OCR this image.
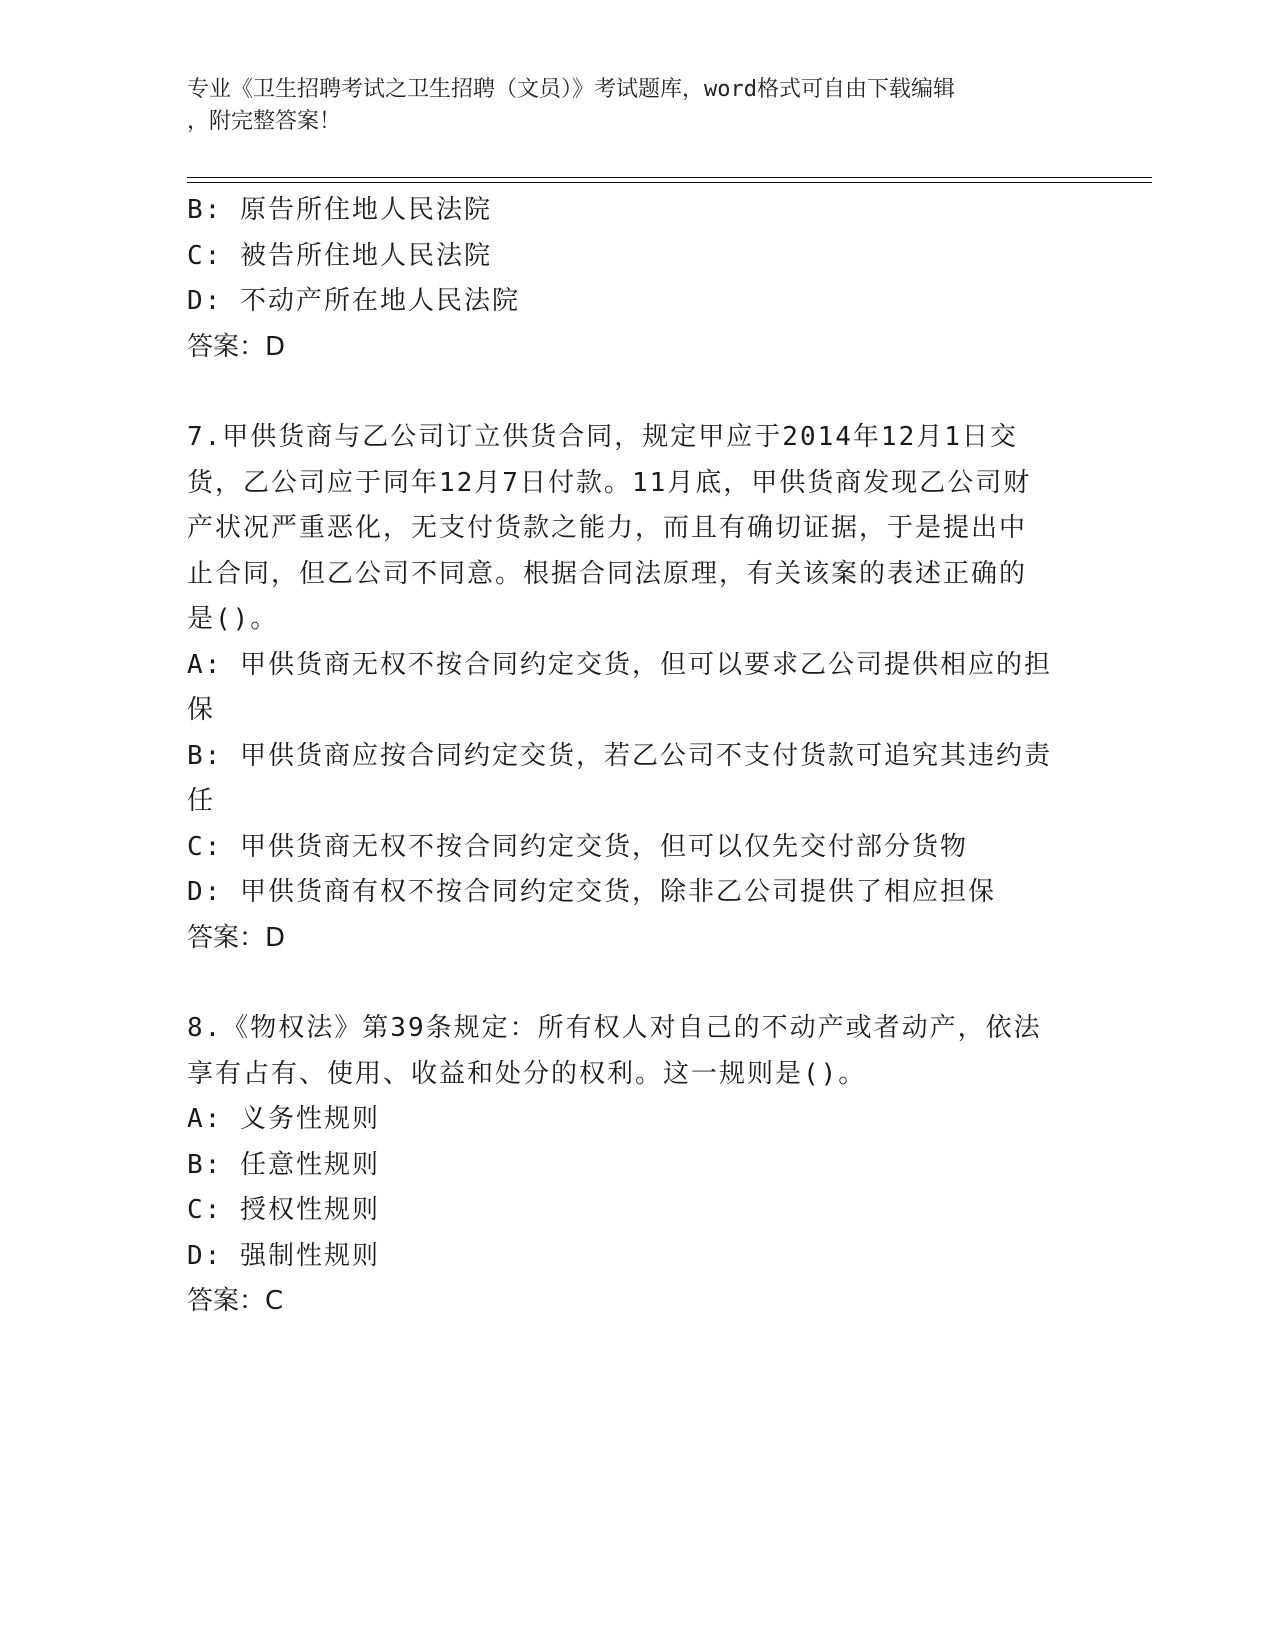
专业《卫生招聘考试之卫生招聘（文员）》考试题库，word格式可自由下载编辑
，附完整答案！

B: 原告所住地人民法院

C: 被告所住地人民法院

D: 不动产所在地人民法院

答案：D

7.甲供货商与乙公司订立供货合同，规定甲应于2014年12月1日交

货，乙公司应于同年12月7日付款。11月底，甲供货商发现乙公司财

产状况严重恶化，无支付货款之能力，而且有确切证据，于是提出中

止合同，但乙公司不同意。根据合同法原理，有关该案的表述正确的

是()。

A: 甲供货商无权不按合同约定交货，但可以要求乙公司提供相应的担

保

B: 甲供货商应按合同约定交货，若乙公司不支付货款可追究其违约责

任

C: 甲供货商无权不按合同约定交货，但可以仅先交付部分货物

D: 甲供货商有权不按合同约定交货，除非乙公司提供了相应担保

答案：D

8.《物权法》第39条规定：所有权人对自己的不动产或者动产，依法

享有占有、使用、收益和处分的权利。这一规则是()。

A: 义务性规则

B: 任意性规则

C: 授权性规则

D: 强制性规则

答案：C
